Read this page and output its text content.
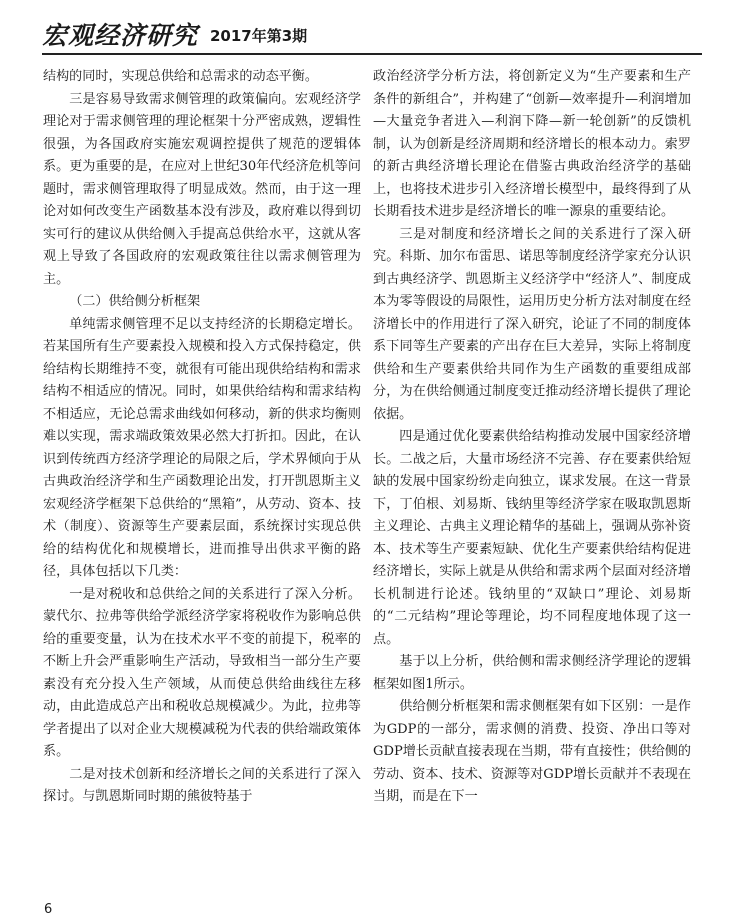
宏观经济研究 2017年第3期

结构的同时，实现总供给和总需求的动态平衡。

三是容易导致需求侧管理的政策偏向。宏观经济学理论对于需求侧管理的理论框架十分严密成熟，逻辑性很强，为各国政府实施宏观调控提供了规范的逻辑体系。更为重要的是，在应对上世纪30年代经济危机等问题时，需求侧管理取得了明显成效。然而，由于这一理论对如何改变生产函数基本没有涉及，政府难以得到切实可行的建议从供给侧入手提高总供给水平，这就从客观上导致了各国政府的宏观政策往往以需求侧管理为主。

（二）供给侧分析框架

单纯需求侧管理不足以支持经济的长期稳定增长。若某国所有生产要素投入规模和投入方式保持稳定，供给结构长期维持不变，就很有可能出现供给结构和需求结构不相适应的情况。同时，如果供给结构和需求结构不相适应，无论总需求曲线如何移动，新的供求均衡则难以实现，需求端政策效果必然大打折扣。因此，在认识到传统西方经济学理论的局限之后，学术界倾向于从古典政治经济学和生产函数理论出发，打开凯恩斯主义宏观经济学框架下总供给的“黑箱”，从劳动、资本、技术（制度）、资源等生产要素层面，系统探讨实现总供给的结构优化和规模增长，进而推导出供求平衡的路径，具体包括以下几类：

一是对税收和总供给之间的关系进行了深入分析。蒙代尔、拉弗等供给学派经济学家将税收作为影响总供给的重要变量，认为在技术水平不变的前提下，税率的不断上升会严重影响生产活动，导致相当一部分生产要素没有充分投入生产领域，从而使总供给曲线往左移动，由此造成总产出和税收总规模减少。为此，拉弗等学者提出了以对企业大规模减税为代表的供给端政策体系。

二是对技术创新和经济增长之间的关系进行了深入探讨。与凯恩斯同时期的熊彼特基于

政治经济学分析方法，将创新定义为“生产要素和生产条件的新组合”，并构建了“创新—效率提升—利润增加—大量竞争者进入—利润下降—新一轮创新”的反馈机制，认为创新是经济周期和经济增长的根本动力。索罗的新古典经济增长理论在借鉴古典政治经济学的基础上，也将技术进步引入经济增长模型中，最终得到了从长期看技术进步是经济增长的唯一源泉的重要结论。

三是对制度和经济增长之间的关系进行了深入研究。科斯、加尔布雷思、诺思等制度经济学家充分认识到古典经济学、凯恩斯主义经济学中“经济人”、制度成本为零等假设的局限性，运用历史分析方法对制度在经济增长中的作用进行了深入研究，论证了不同的制度体系下同等生产要素的产出存在巨大差异，实际上将制度供给和生产要素供给共同作为生产函数的重要组成部分，为在供给侧通过制度变迁推动经济增长提供了理论依据。

四是通过优化要素供给结构推动发展中国家经济增长。二战之后，大量市场经济不完善、存在要素供给短缺的发展中国家纷纷走向独立，谋求发展。在这一背景下，丁伯根、刘易斯、钱纳里等经济学家在吸取凯恩斯主义理论、古典主义理论精华的基础上，强调从弥补资本、技术等生产要素短缺、优化生产要素供给结构促进经济增长，实际上就是从供给和需求两个层面对经济增长机制进行论述。钱纳里的“双缺口”理论、刘易斯的“二元结构”理论等理论，均不同程度地体现了这一点。

基于以上分析，供给侧和需求侧经济学理论的逻辑框架如图1所示。

供给侧分析框架和需求侧框架有如下区别：一是作为GDP的一部分，需求侧的消费、投资、净出口等对GDP增长贡献直接表现在当期，带有直接性；供给侧的劳动、资本、技术、资源等对GDP增长贡献并不表现在当期，而是在下一

6
